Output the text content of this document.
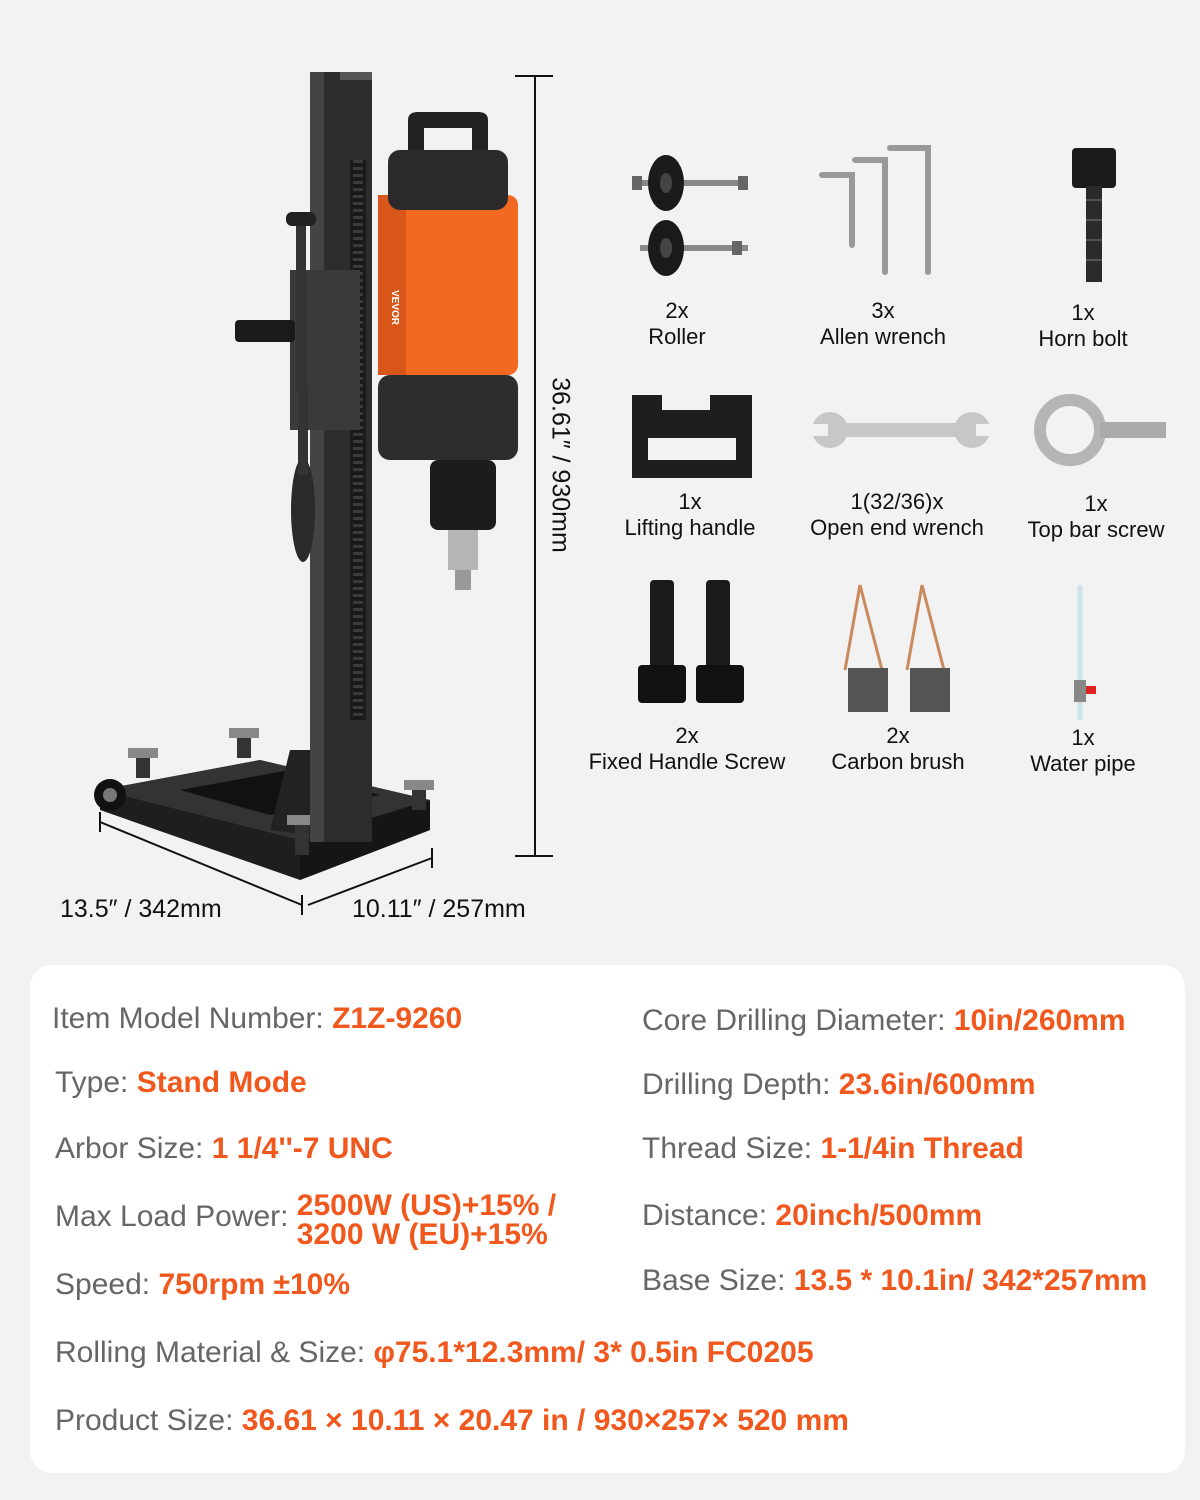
VEVOR
36.61″ / 930mm
13.5″ / 342mm	10.11″ / 257mm
2x
Roller
3x
Allen wrench
1x
Horn bolt
1x
Lifting handle
1(32/36)x
Open end wrench
1x
Top bar screw
2x
Fixed Handle Screw
2x
Carbon brush
1x
Water pipe
Item Model Number: Z1Z-9260
Type: Stand Mode
Arbor Size: 1 1/4''-7 UNC
Max Load Power: 2500W (US)+15% /
3200 W (EU)+15%
Speed: 750rpm ±10%
Core Drilling Diameter: 10in/260mm
Drilling Depth: 23.6in/600mm
Thread Size: 1-1/4in Thread
Distance: 20inch/500mm
Base Size: 13.5 * 10.1in/ 342*257mm
Rolling Material & Size: φ75.1*12.3mm/ 3* 0.5in FC0205
Product Size: 36.61 × 10.11 × 20.47 in / 930×257× 520 mm
